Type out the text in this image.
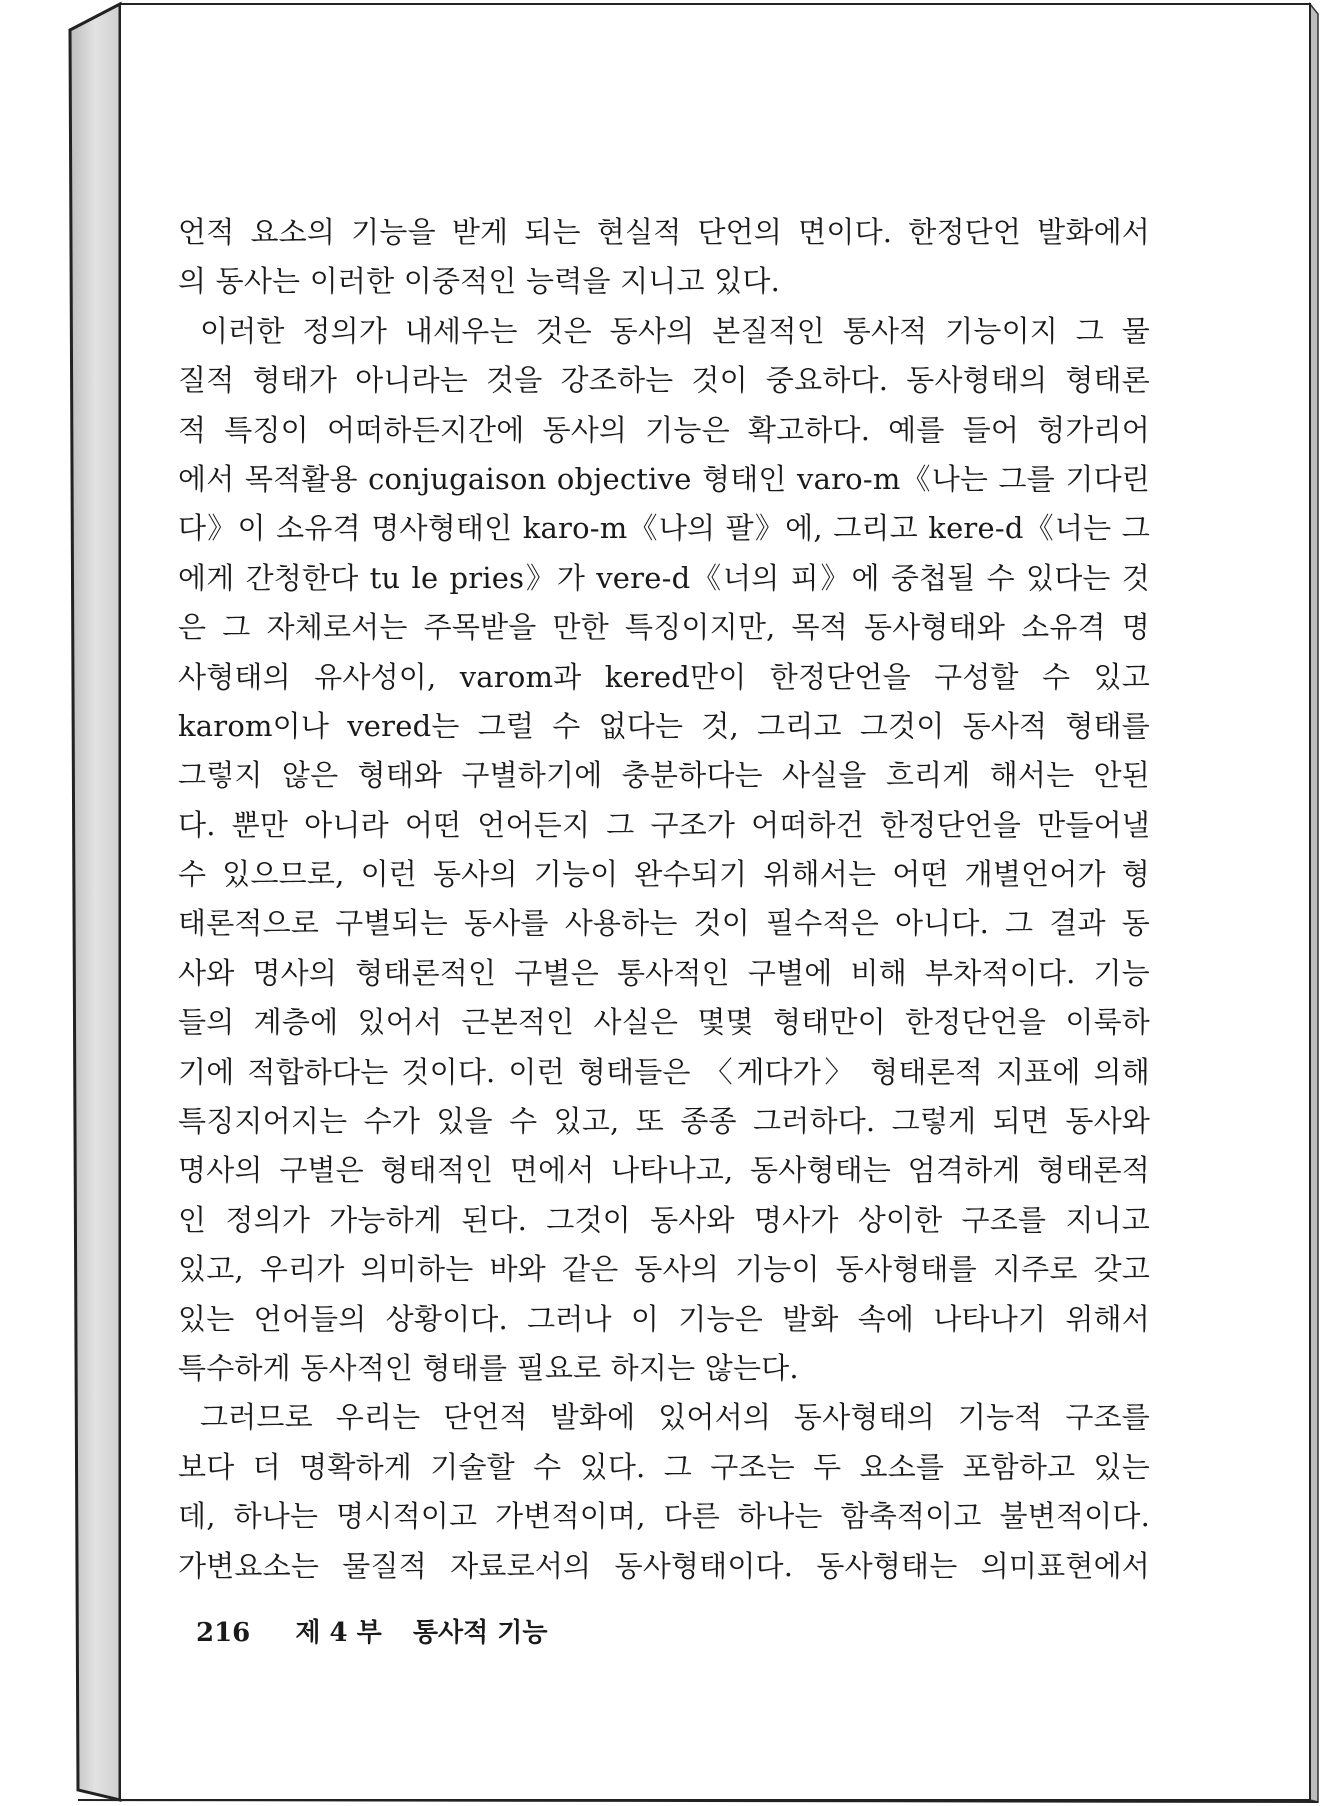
언적 요소의 기능을 받게 되는 현실적 단언의 면이다. 한정단언 발화에서
의 동사는 이러한 이중적인 능력을 지니고 있다.
이러한 정의가 내세우는 것은 동사의 본질적인 통사적 기능이지 그 물
질적 형태가 아니라는 것을 강조하는 것이 중요하다. 동사형태의 형태론
적 특징이 어떠하든지간에 동사의 기능은 확고하다. 예를 들어 헝가리어
에서 목적활용 conjugaison objective 형태인 varo-m《나는 그를 기다린
다》이 소유격 명사형태인 karo-m《나의 팔》에, 그리고 kere-d《너는 그
에게 간청한다 tu le pries》가 vere-d《너의 피》에 중첩될 수 있다는 것
은 그 자체로서는 주목받을 만한 특징이지만, 목적 동사형태와 소유격 명
사형태의 유사성이, varom과 kered만이 한정단언을 구성할 수 있고
karom이나 vered는 그럴 수 없다는 것, 그리고 그것이 동사적 형태를
그렇지 않은 형태와 구별하기에 충분하다는 사실을 흐리게 해서는 안된
다. 뿐만 아니라 어떤 언어든지 그 구조가 어떠하건 한정단언을 만들어낼
수 있으므로, 이런 동사의 기능이 완수되기 위해서는 어떤 개별언어가 형
태론적으로 구별되는 동사를 사용하는 것이 필수적은 아니다. 그 결과 동
사와 명사의 형태론적인 구별은 통사적인 구별에 비해 부차적이다. 기능
들의 계층에 있어서 근본적인 사실은 몇몇 형태만이 한정단언을 이룩하
기에 적합하다는 것이다. 이런 형태들은 〈게다가〉 형태론적 지표에 의해
특징지어지는 수가 있을 수 있고, 또 종종 그러하다. 그렇게 되면 동사와
명사의 구별은 형태적인 면에서 나타나고, 동사형태는 엄격하게 형태론적
인 정의가 가능하게 된다. 그것이 동사와 명사가 상이한 구조를 지니고
있고, 우리가 의미하는 바와 같은 동사의 기능이 동사형태를 지주로 갖고
있는 언어들의 상황이다. 그러나 이 기능은 발화 속에 나타나기 위해서
특수하게 동사적인 형태를 필요로 하지는 않는다.
그러므로 우리는 단언적 발화에 있어서의 동사형태의 기능적 구조를
보다 더 명확하게 기술할 수 있다. 그 구조는 두 요소를 포함하고 있는
데, 하나는 명시적이고 가변적이며, 다른 하나는 함축적이고 불변적이다.
가변요소는 물질적 자료로서의 동사형태이다. 동사형태는 의미표현에서
216 제 4 부 통사적 기능
